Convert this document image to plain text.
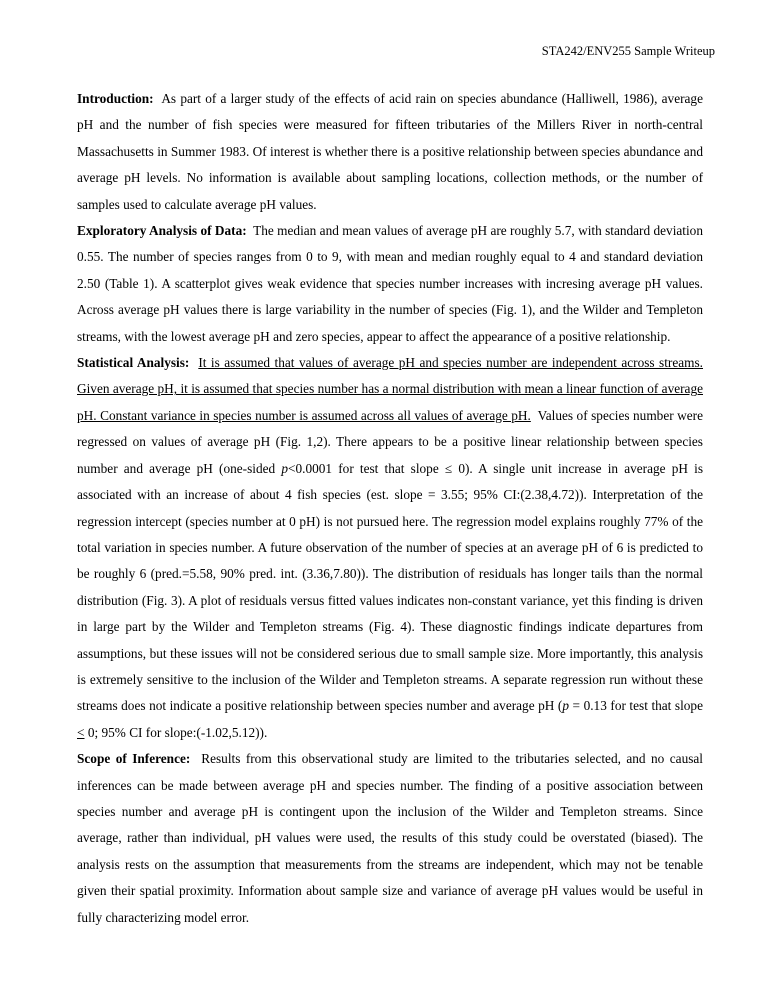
STA242/ENV255 Sample Writeup

Introduction: As part of a larger study of the effects of acid rain on species abundance (Halliwell, 1986), average pH and the number of fish species were measured for fifteen tributaries of the Millers River in north-central Massachusetts in Summer 1983. Of interest is whether there is a positive relationship between species abundance and average pH levels. No information is available about sampling locations, collection methods, or the number of samples used to calculate average pH values.

Exploratory Analysis of Data: The median and mean values of average pH are roughly 5.7, with standard deviation 0.55. The number of species ranges from 0 to 9, with mean and median roughly equal to 4 and standard deviation 2.50 (Table 1). A scatterplot gives weak evidence that species number increases with incresing average pH values. Across average pH values there is large variability in the number of species (Fig. 1), and the Wilder and Templeton streams, with the lowest average pH and zero species, appear to affect the appearance of a positive relationship.

Statistical Analysis: It is assumed that values of average pH and species number are independent across streams. Given average pH, it is assumed that species number has a normal distribution with mean a linear function of average pH. Constant variance in species number is assumed across all values of average pH. Values of species number were regressed on values of average pH (Fig. 1,2). There appears to be a positive linear relationship between species number and average pH (one-sided p<0.0001 for test that slope ≤ 0). A single unit increase in average pH is associated with an increase of about 4 fish species (est. slope = 3.55; 95% CI:(2.38,4.72)). Interpretation of the regression intercept (species number at 0 pH) is not pursued here. The regression model explains roughly 77% of the total variation in species number. A future observation of the number of species at an average pH of 6 is predicted to be roughly 6 (pred.=5.58, 90% pred. int. (3.36,7.80)). The distribution of residuals has longer tails than the normal distribution (Fig. 3). A plot of residuals versus fitted values indicates non-constant variance, yet this finding is driven in large part by the Wilder and Templeton streams (Fig. 4). These diagnostic findings indicate departures from assumptions, but these issues will not be considered serious due to small sample size. More importantly, this analysis is extremely sensitive to the inclusion of the Wilder and Templeton streams. A separate regression run without these streams does not indicate a positive relationship between species number and average pH (p = 0.13 for test that slope ≤ 0; 95% CI for slope:(-1.02,5.12)).

Scope of Inference: Results from this observational study are limited to the tributaries selected, and no causal inferences can be made between average pH and species number. The finding of a positive association between species number and average pH is contingent upon the inclusion of the Wilder and Templeton streams. Since average, rather than individual, pH values were used, the results of this study could be overstated (biased). The analysis rests on the assumption that measurements from the streams are independent, which may not be tenable given their spatial proximity. Information about sample size and variance of average pH values would be useful in fully characterizing model error.
